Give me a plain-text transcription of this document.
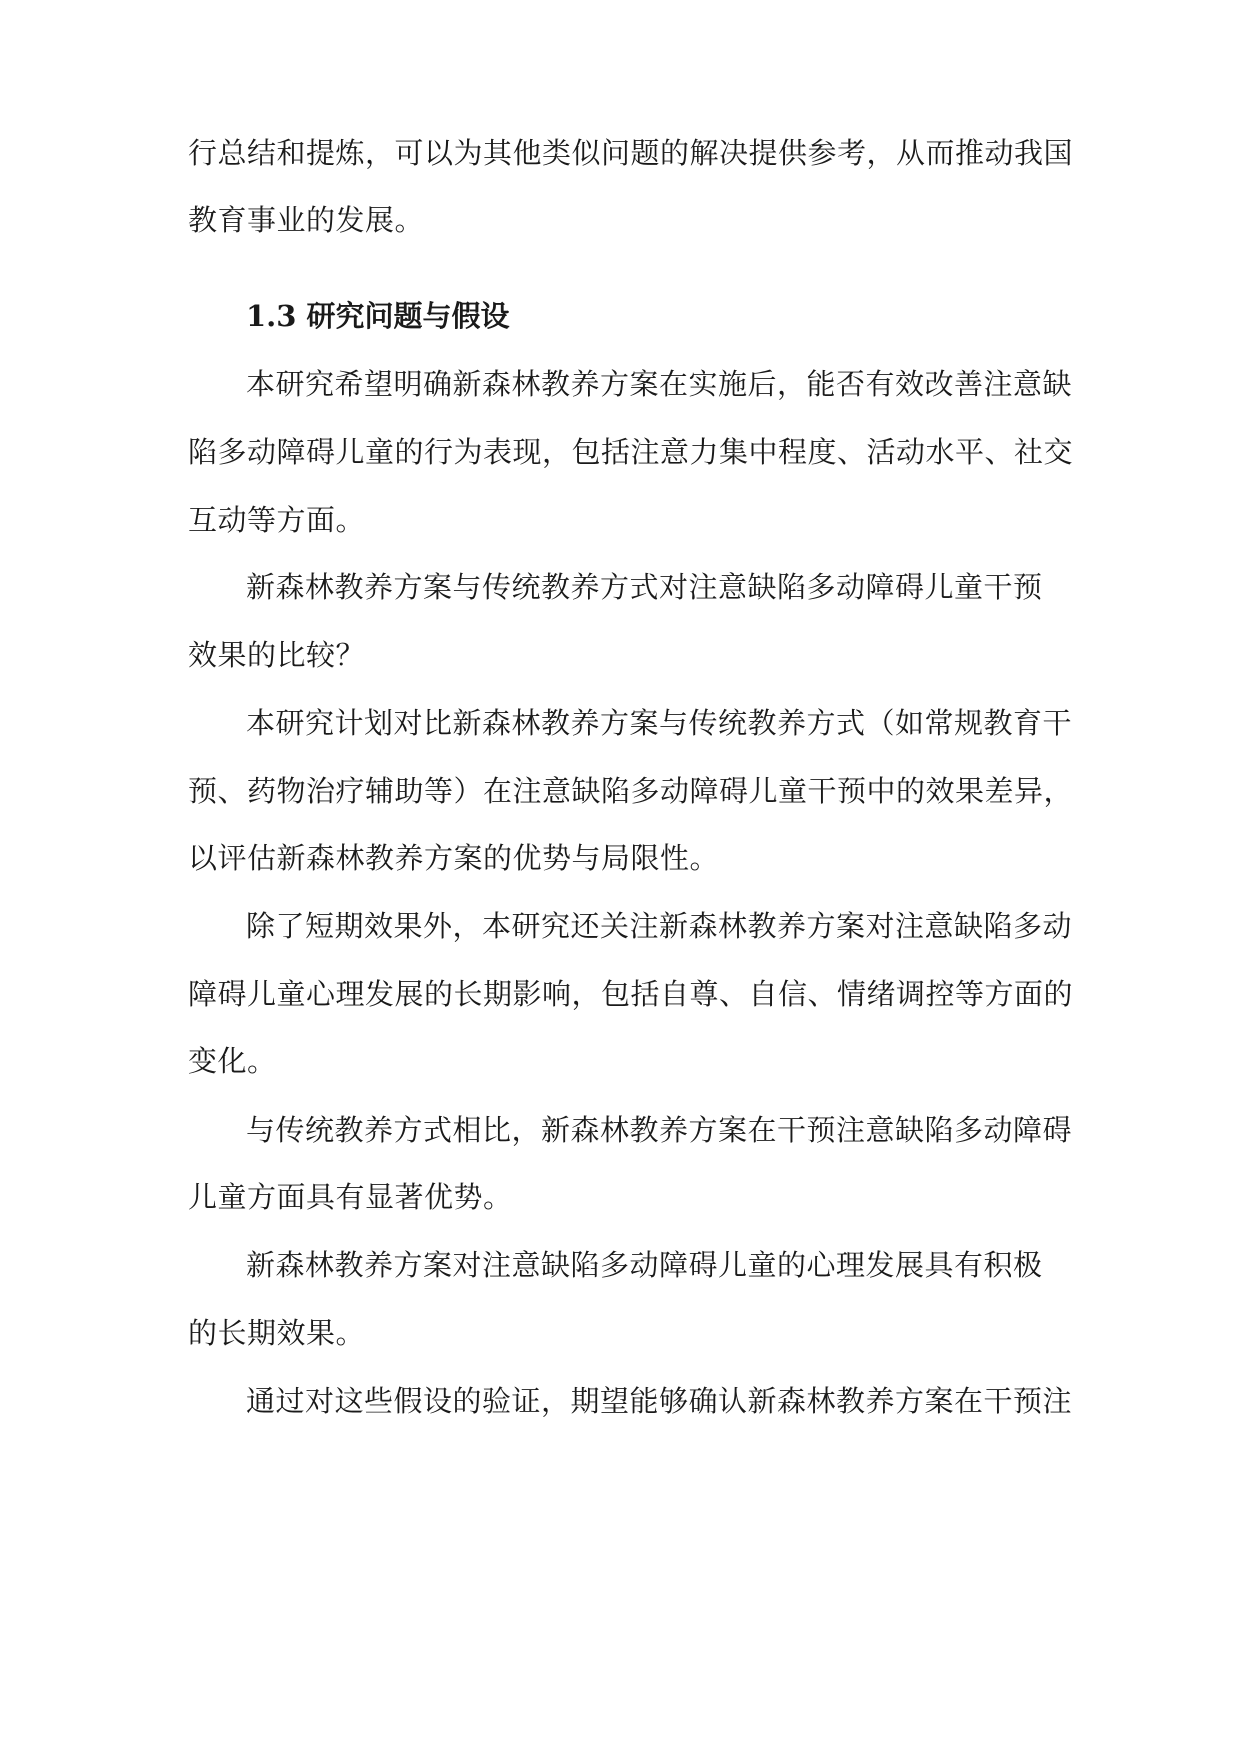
行总结和提炼，可以为其他类似问题的解决提供参考，从而推动我国
教育事业的发展。
1.3 研究问题与假设
本研究希望明确新森林教养方案在实施后，能否有效改善注意缺
陷多动障碍儿童的行为表现，包括注意力集中程度、活动水平、社交
互动等方面。
新森林教养方案与传统教养方式对注意缺陷多动障碍儿童干预
效果的比较？
本研究计划对比新森林教养方案与传统教养方式（如常规教育干
预、药物治疗辅助等）在注意缺陷多动障碍儿童干预中的效果差异，
以评估新森林教养方案的优势与局限性。
除了短期效果外，本研究还关注新森林教养方案对注意缺陷多动
障碍儿童心理发展的长期影响，包括自尊、自信、情绪调控等方面的
变化。
与传统教养方式相比，新森林教养方案在干预注意缺陷多动障碍
儿童方面具有显著优势。
新森林教养方案对注意缺陷多动障碍儿童的心理发展具有积极
的长期效果。
通过对这些假设的验证，期望能够确认新森林教养方案在干预注
